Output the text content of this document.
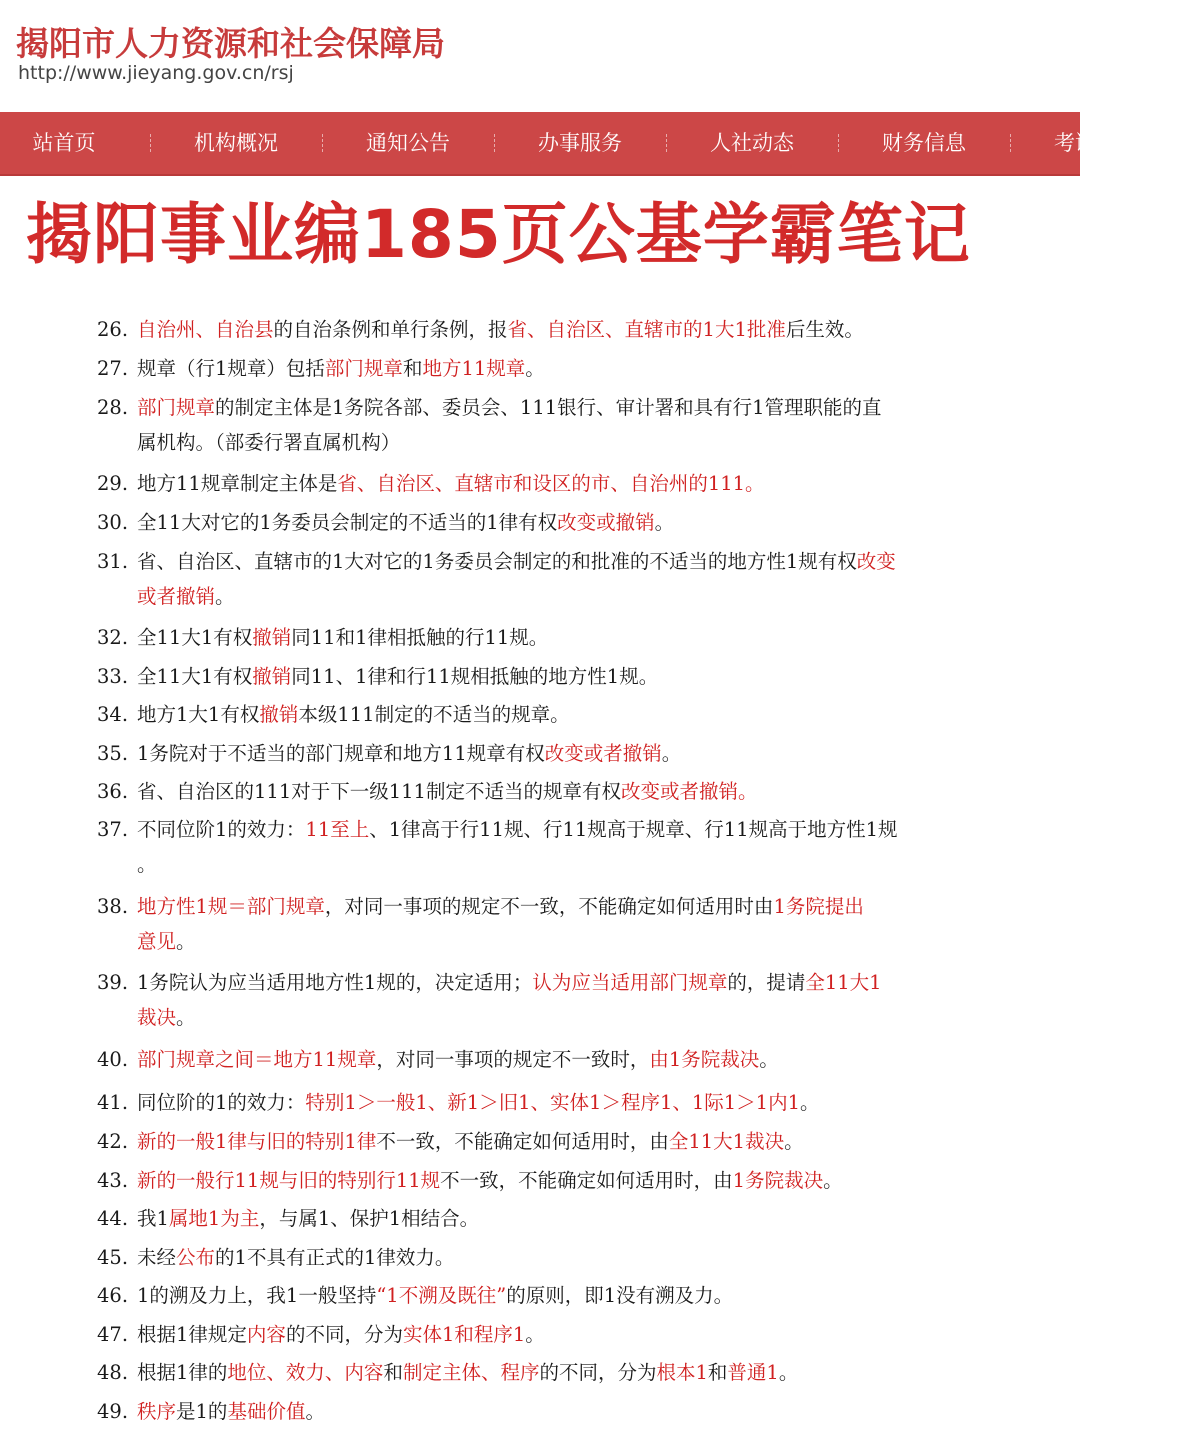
揭阳市人力资源和社会保障局
http://www.jieyang.gov.cn/rsj
站首页	机构概况	通知公告	办事服务	人社动态	财务信息	考试信息
揭阳事业编185页公基学霸笔记
26. 自治州、自治县的自治条例和单行条例，报省、自治区、直辖市的1大1批准后生效。
27. 规章（行1规章）包括部门规章和地方11规章。
28. 部门规章的制定主体是1务院各部、委员会、111银行、审计署和具有行1管理职能的直
属机构。（部委行署直属机构）
29. 地方11规章制定主体是省、自治区、直辖市和设区的市、自治州的111。
30. 全11大对它的1务委员会制定的不适当的1律有权改变或撤销。
31. 省、自治区、直辖市的1大对它的1务委员会制定的和批准的不适当的地方性1规有权改变
或者撤销。
32. 全11大1有权撤销同11和1律相抵触的行11规。
33. 全11大1有权撤销同11、1律和行11规相抵触的地方性1规。
34. 地方1大1有权撤销本级111制定的不适当的规章。
35. 1务院对于不适当的部门规章和地方11规章有权改变或者撤销。
36. 省、自治区的111对于下一级111制定不适当的规章有权改变或者撤销。
37. 不同位阶1的效力：11至上、1律高于行11规、行11规高于规章、行11规高于地方性1规
。
38. 地方性1规＝部门规章，对同一事项的规定不一致，不能确定如何适用时由1务院提出
意见。
39. 1务院认为应当适用地方性1规的，决定适用；认为应当适用部门规章的，提请全11大1
裁决。
40. 部门规章之间＝地方11规章，对同一事项的规定不一致时，由1务院裁决。
41. 同位阶的1的效力：特别1＞一般1、新1＞旧1、实体1＞程序1、1际1＞1内1。
42. 新的一般1律与旧的特别1律不一致，不能确定如何适用时，由全11大1裁决。
43. 新的一般行11规与旧的特别行11规不一致，不能确定如何适用时，由1务院裁决。
44. 我1属地1为主，与属1、保护1相结合。
45. 未经公布的1不具有正式的1律效力。
46. 1的溯及力上，我1一般坚持“1不溯及既往”的原则，即1没有溯及力。
47. 根据1律规定内容的不同，分为实体1和程序1。
48. 根据1律的地位、效力、内容和制定主体、程序的不同，分为根本1和普通1。
49. 秩序是1的基础价值。
